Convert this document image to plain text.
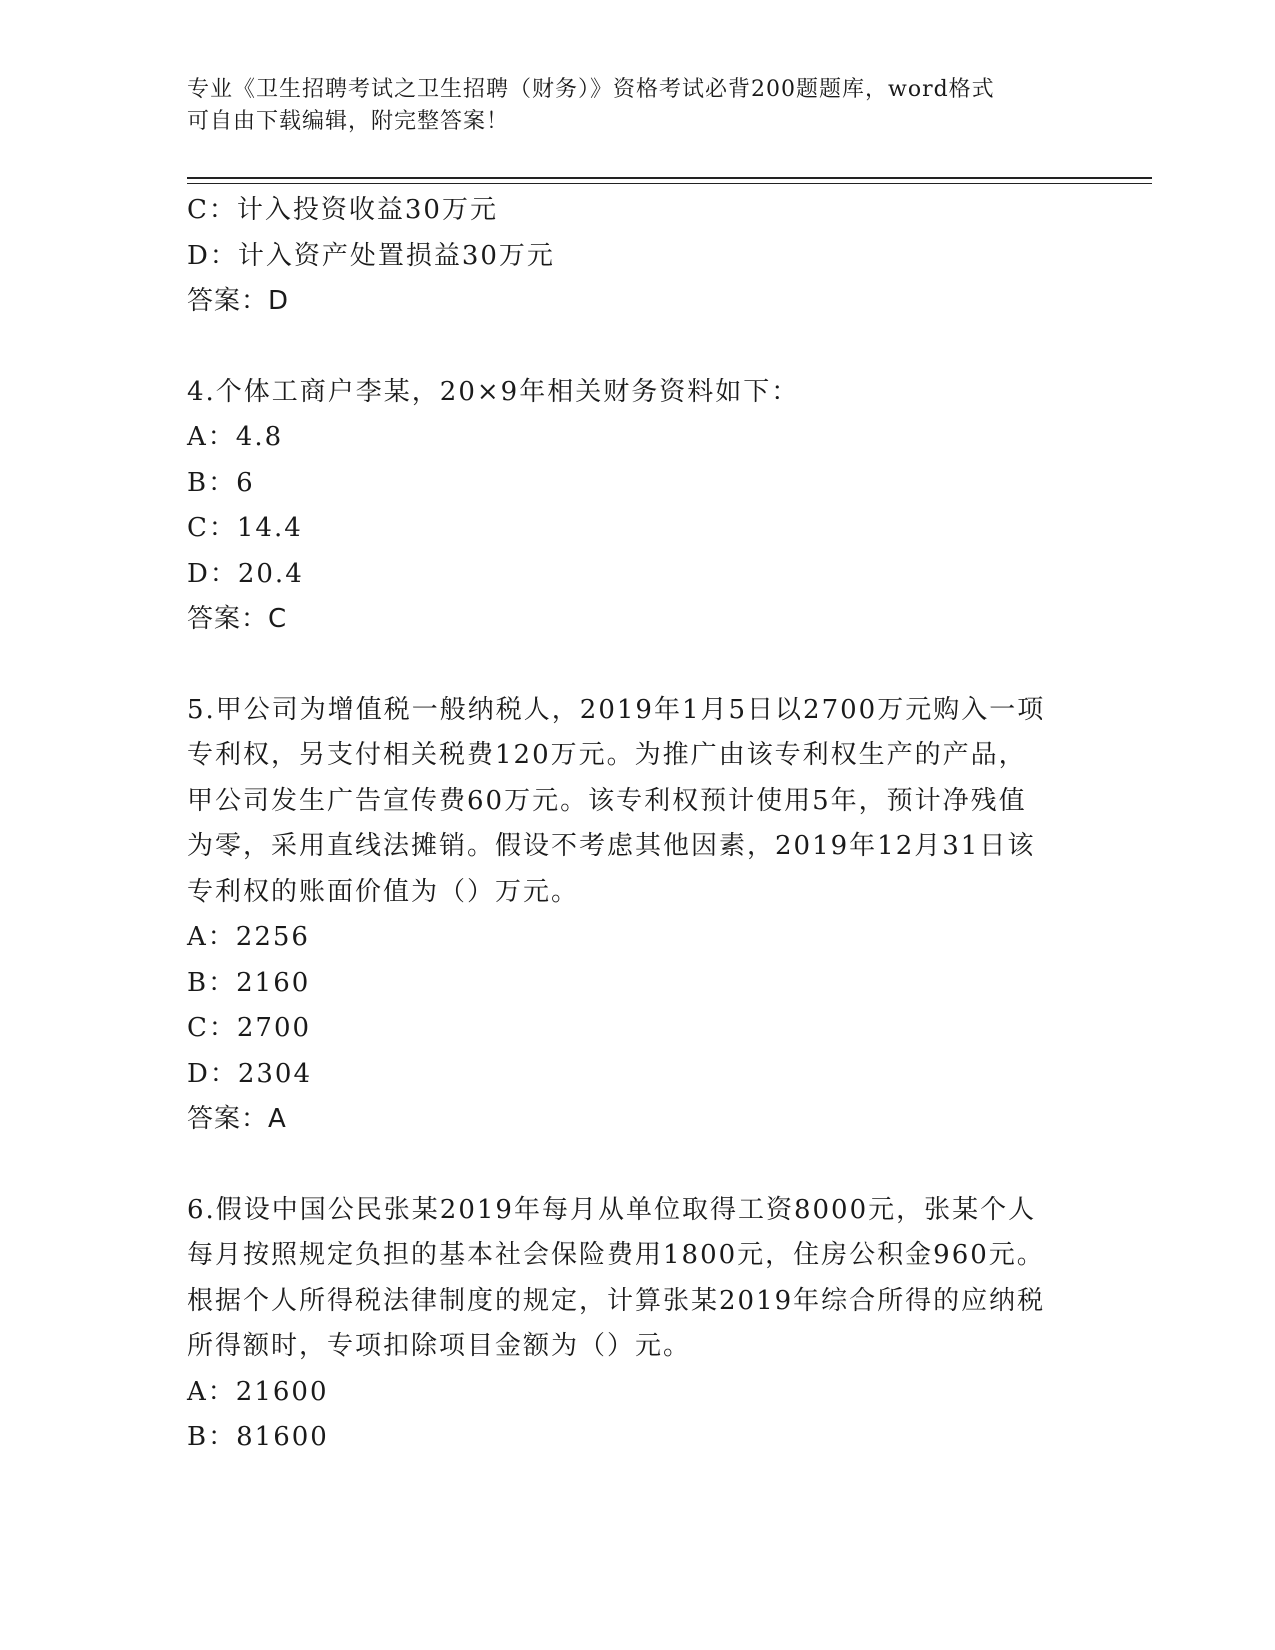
专业《卫生招聘考试之卫生招聘（财务）》资格考试必背200题题库，word格式
可自由下载编辑，附完整答案！
C：计入投资收益30万元
D：计入资产处置损益30万元
答案：D
4.个体工商户李某，20×9年相关财务资料如下：
A：4.8
B：6
C：14.4
D：20.4
答案：C
5.甲公司为增值税一般纳税人，2019年1月5日以2700万元购入一项
专利权，另支付相关税费120万元。为推广由该专利权生产的产品，
甲公司发生广告宣传费60万元。该专利权预计使用5年，预计净残值
为零，采用直线法摊销。假设不考虑其他因素，2019年12月31日该
专利权的账面价值为（）万元。
A：2256
B：2160
C：2700
D：2304
答案：A
6.假设中国公民张某2019年每月从单位取得工资8000元，张某个人
每月按照规定负担的基本社会保险费用1800元，住房公积金960元。
根据个人所得税法律制度的规定，计算张某2019年综合所得的应纳税
所得额时，专项扣除项目金额为（）元。
A：21600
B：81600
